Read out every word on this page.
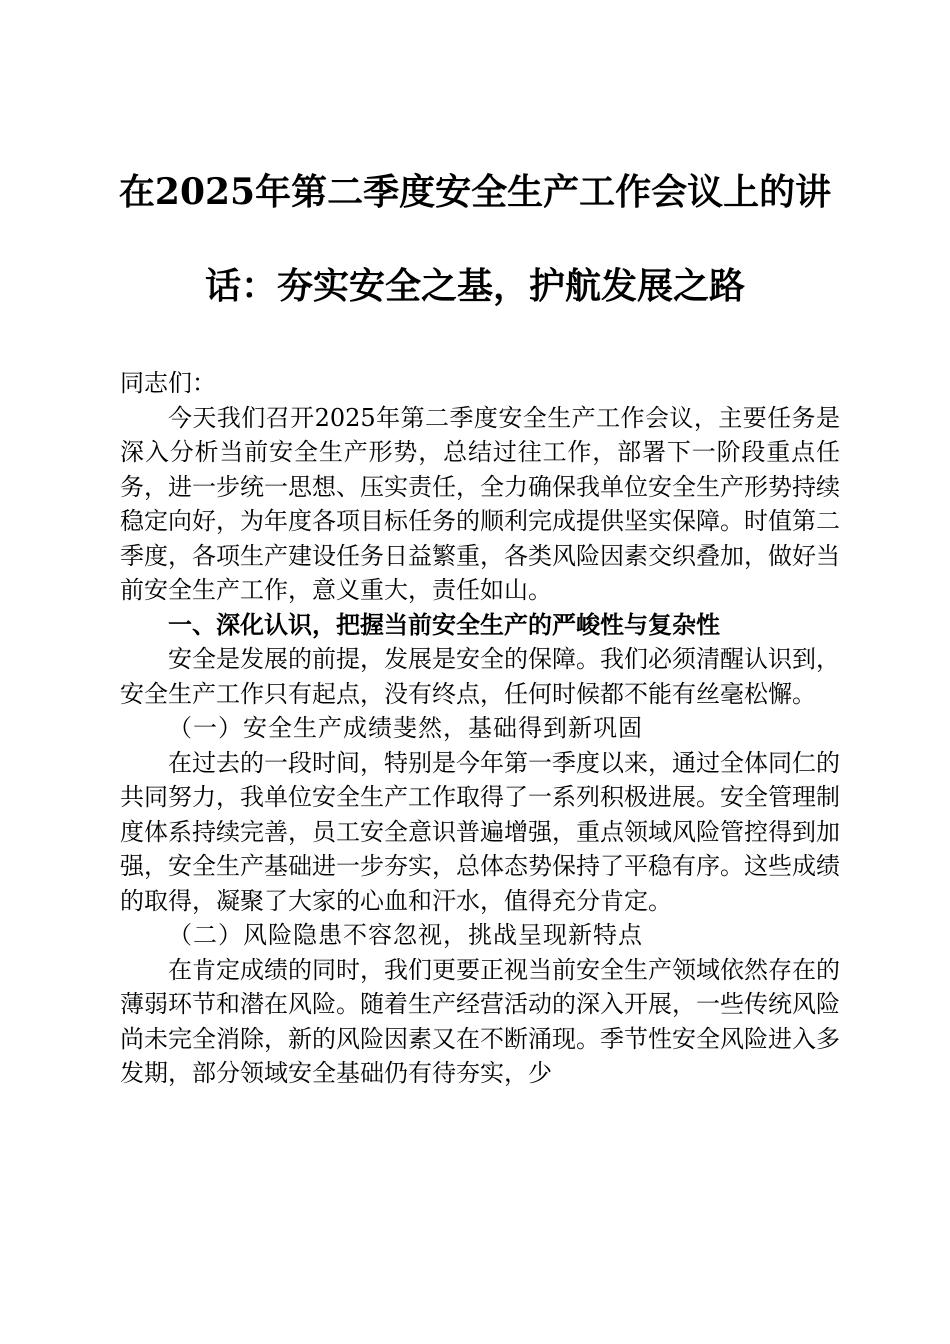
在2025年第二季度安全生产工作会议上的讲
话：夯实安全之基，护航发展之路

同志们：

今天我们召开2025年第二季度安全生产工作会议，主要任务是深入分析当前安全生产形势，总结过往工作，部署下一阶段重点任务，进一步统一思想、压实责任，全力确保我单位安全生产形势持续稳定向好，为年度各项目标任务的顺利完成提供坚实保障。时值第二季度，各项生产建设任务日益繁重，各类风险因素交织叠加，做好当前安全生产工作，意义重大，责任如山。

一、深化认识，把握当前安全生产的严峻性与复杂性

安全是发展的前提，发展是安全的保障。我们必须清醒认识到，安全生产工作只有起点，没有终点，任何时候都不能有丝毫松懈。

（一）安全生产成绩斐然，基础得到新巩固

在过去的一段时间，特别是今年第一季度以来，通过全体同仁的共同努力，我单位安全生产工作取得了一系列积极进展。安全管理制度体系持续完善，员工安全意识普遍增强，重点领域风险管控得到加强，安全生产基础进一步夯实，总体态势保持了平稳有序。这些成绩的取得，凝聚了大家的心血和汗水，值得充分肯定。

（二）风险隐患不容忽视，挑战呈现新特点

在肯定成绩的同时，我们更要正视当前安全生产领域依然存在的薄弱环节和潜在风险。随着生产经营活动的深入开展，一些传统风险尚未完全消除，新的风险因素又在不断涌现。季节性安全风险进入多发期，部分领域安全基础仍有待夯实，少
